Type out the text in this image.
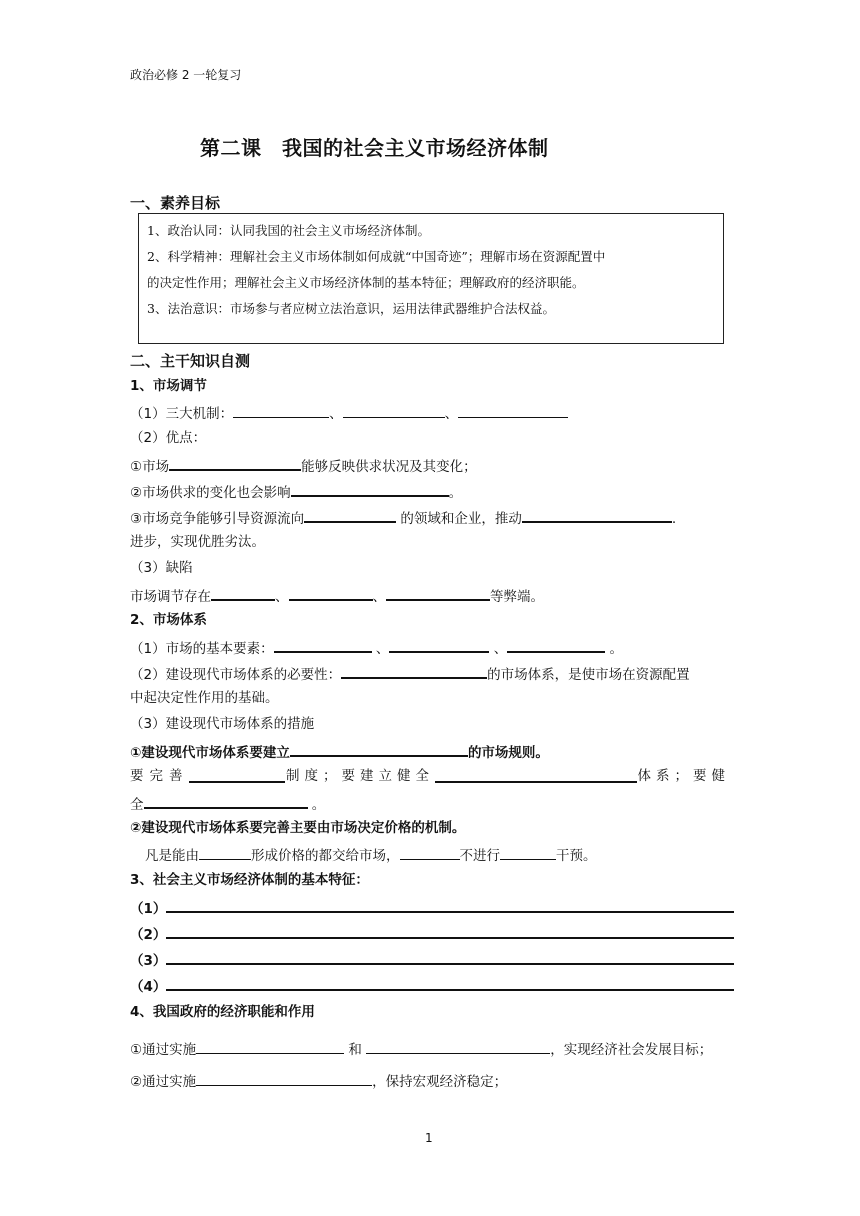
政治必修 2 一轮复习
第二课　我国的社会主义市场经济体制
一、素养目标
1、政治认同：认同我国的社会主义市场经济体制。
2、科学精神：理解社会主义市场体制如何成就“中国奇迹”；理解市场在资源配置中
的决定性作用；理解社会主义市场经济体制的基本特征；理解政府的经济职能。
3、法治意识：市场参与者应树立法治意识，运用法律武器维护合法权益。
二、主干知识自测
1、市场调节
（1）三大机制：	、	、
（2）优点：
①市场	能够反映供求状况及其变化；
②市场供求的变化也会影响	。
③市场竞争能够引导资源流向	的领域和企业，推动	.
进步，实现优胜劣汰。
（3）缺陷
市场调节存在	、	、	等弊端。
2、市场体系
（1）市场的基本要素：	、	、	。
（2）建设现代市场体系的必要性：	的市场体系，是使市场在资源配置
中起决定性作用的基础。
（3）建设现代市场体系的措施
①建设现代市场体系要建立	的市场规则。
要完善	制度；要建立健全	体系；要健
全	。
②建设现代市场体系要完善主要由市场决定价格的机制。
凡是能由	形成价格的都交给市场，	不进行	干预。
3、社会主义市场经济体制的基本特征：
（1）
（2）
（3）
（4）
4、我国政府的经济职能和作用
①通过实施	和	，实现经济社会发展目标；
②通过实施	，保持宏观经济稳定；
1
